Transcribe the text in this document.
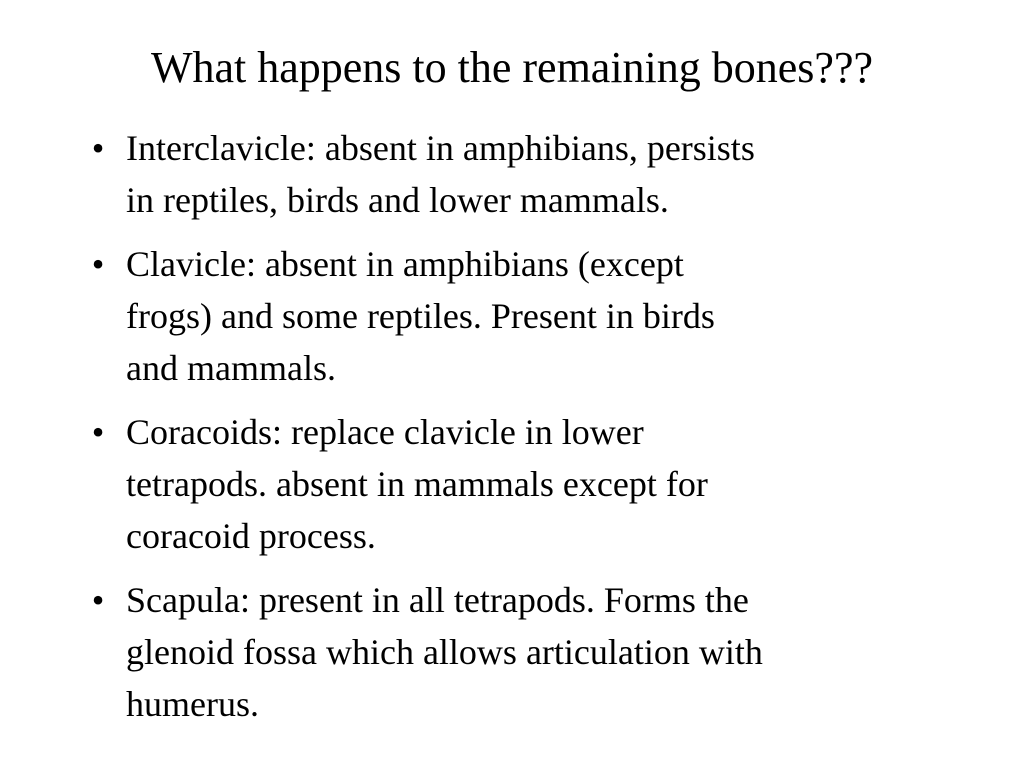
What happens to the remaining bones???
• Interclavicle: absent in amphibians, persists
in reptiles, birds and lower mammals.
• Clavicle: absent in amphibians (except
frogs) and some reptiles. Present in birds
and mammals.
• Coracoids: replace clavicle in lower
tetrapods. absent in mammals except for
coracoid process.
• Scapula: present in all tetrapods. Forms the
glenoid fossa which allows articulation with
humerus.
